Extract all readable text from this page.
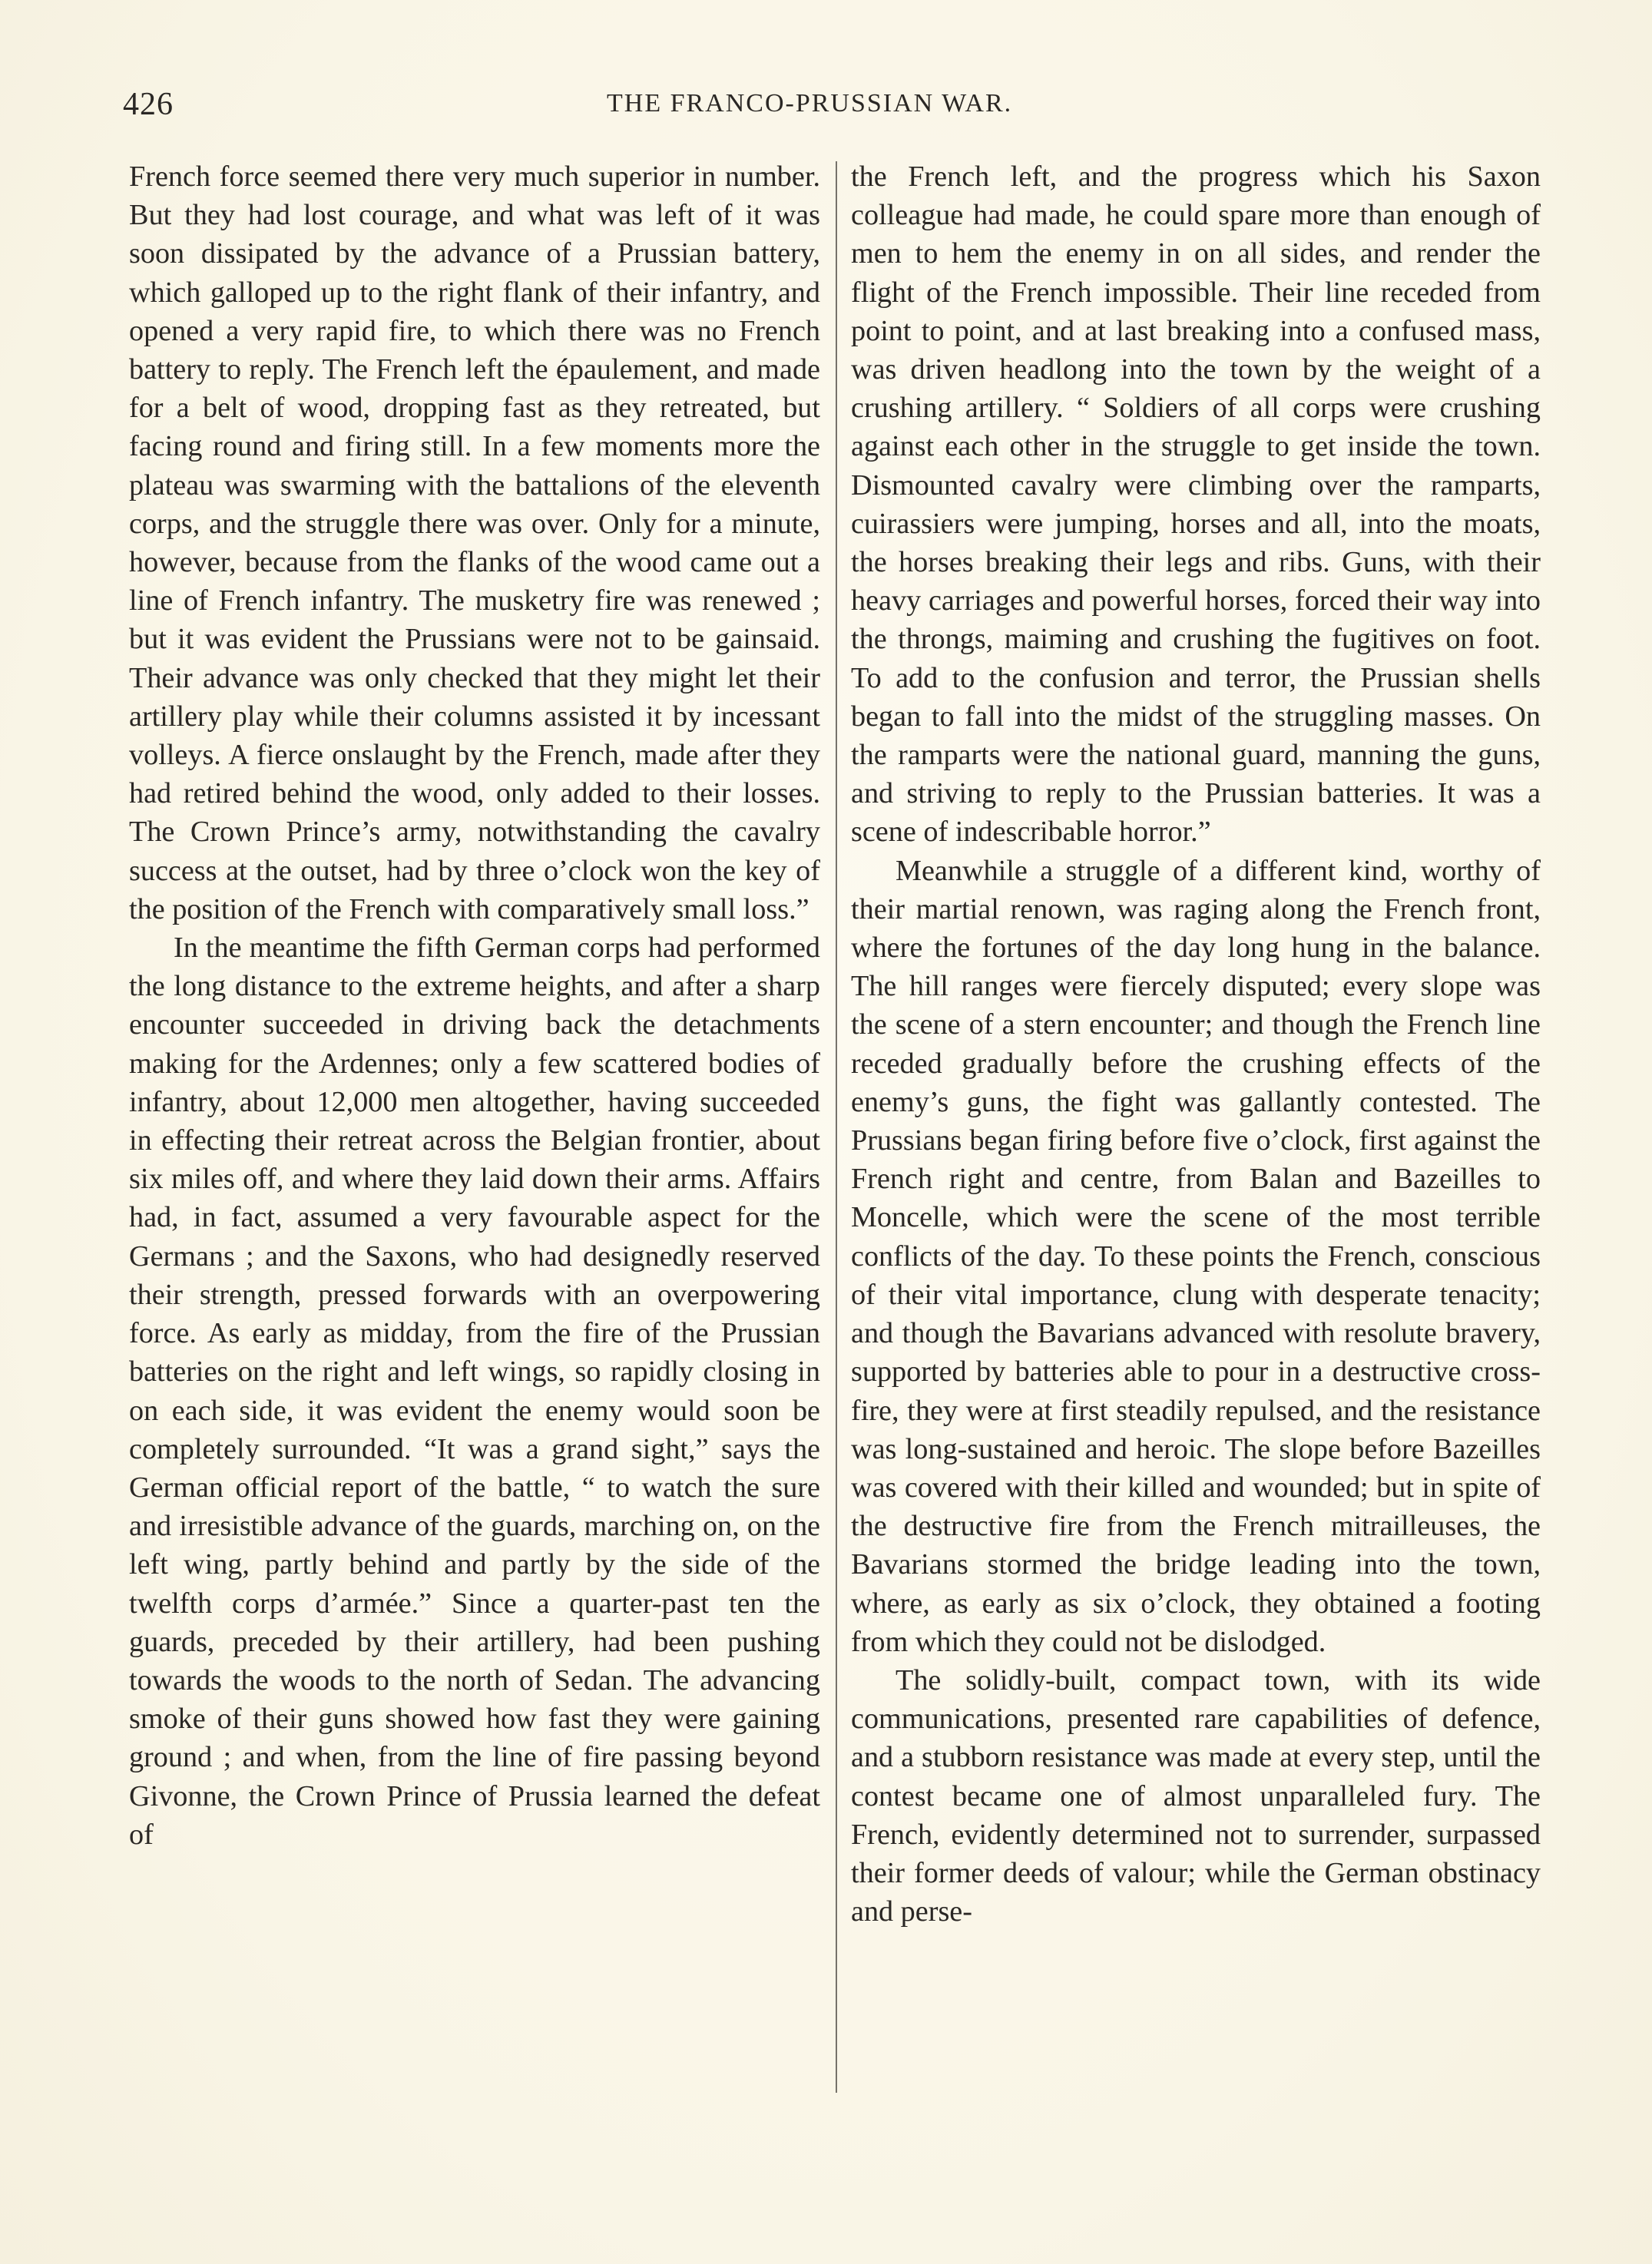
426	THE FRANCO-PRUSSIAN WAR.

French force seemed there very much superior in number. But they had lost courage, and what was left of it was soon dissipated by the advance of a Prussian battery, which galloped up to the right flank of their infantry, and opened a very rapid fire, to which there was no French battery to reply. The French left the épaulement, and made for a belt of wood, dropping fast as they retreated, but facing round and firing still. In a few moments more the plateau was swarming with the battalions of the eleventh corps, and the struggle there was over. Only for a minute, however, because from the flanks of the wood came out a line of French infantry. The musketry fire was renewed ; but it was evident the Prussians were not to be gainsaid. Their advance was only checked that they might let their artillery play while their columns assisted it by incessant volleys. A fierce onslaught by the French, made after they had retired behind the wood, only added to their losses. The Crown Prince’s army, notwithstanding the cavalry success at the outset, had by three o’clock won the key of the position of the French with comparatively small loss.”

In the meantime the fifth German corps had performed the long distance to the extreme heights, and after a sharp encounter succeeded in driving back the detachments making for the Ardennes; only a few scattered bodies of infantry, about 12,000 men altogether, having succeeded in effecting their retreat across the Belgian frontier, about six miles off, and where they laid down their arms. Affairs had, in fact, assumed a very favourable aspect for the Germans ; and the Saxons, who had designedly reserved their strength, pressed forwards with an overpowering force. As early as midday, from the fire of the Prussian batteries on the right and left wings, so rapidly closing in on each side, it was evident the enemy would soon be completely surrounded. “It was a grand sight,” says the German official report of the battle, “ to watch the sure and irresistible advance of the guards, marching on, on the left wing, partly behind and partly by the side of the twelfth corps d’armée.” Since a quarter-past ten the guards, preceded by their artillery, had been pushing towards the woods to the north of Sedan. The advancing smoke of their guns showed how fast they were gaining ground ; and when, from the line of fire passing beyond Givonne, the Crown Prince of Prussia learned the defeat of

the French left, and the progress which his Saxon colleague had made, he could spare more than enough of men to hem the enemy in on all sides, and render the flight of the French impossible. Their line receded from point to point, and at last breaking into a confused mass, was driven headlong into the town by the weight of a crushing artillery. “ Soldiers of all corps were crushing against each other in the struggle to get inside the town. Dismounted cavalry were climbing over the ramparts, cuirassiers were jumping, horses and all, into the moats, the horses breaking their legs and ribs. Guns, with their heavy carriages and powerful horses, forced their way into the throngs, maiming and crushing the fugitives on foot. To add to the confusion and terror, the Prussian shells began to fall into the midst of the struggling masses. On the ramparts were the national guard, manning the guns, and striving to reply to the Prussian batteries. It was a scene of indescribable horror.”

Meanwhile a struggle of a different kind, worthy of their martial renown, was raging along the French front, where the fortunes of the day long hung in the balance. The hill ranges were fiercely disputed; every slope was the scene of a stern encounter; and though the French line receded gradually before the crushing effects of the enemy’s guns, the fight was gallantly contested. The Prussians began firing before five o’clock, first against the French right and centre, from Balan and Bazeilles to Moncelle, which were the scene of the most terrible conflicts of the day. To these points the French, conscious of their vital importance, clung with desperate tenacity; and though the Bavarians advanced with resolute bravery, supported by batteries able to pour in a destructive cross-fire, they were at first steadily repulsed, and the resistance was long-sustained and heroic. The slope before Bazeilles was covered with their killed and wounded; but in spite of the destructive fire from the French mitrailleuses, the Bavarians stormed the bridge leading into the town, where, as early as six o’clock, they obtained a footing from which they could not be dislodged.

The solidly-built, compact town, with its wide communications, presented rare capabilities of defence, and a stubborn resistance was made at every step, until the contest became one of almost unparalleled fury. The French, evidently determined not to surrender, surpassed their former deeds of valour; while the German obstinacy and perse-
